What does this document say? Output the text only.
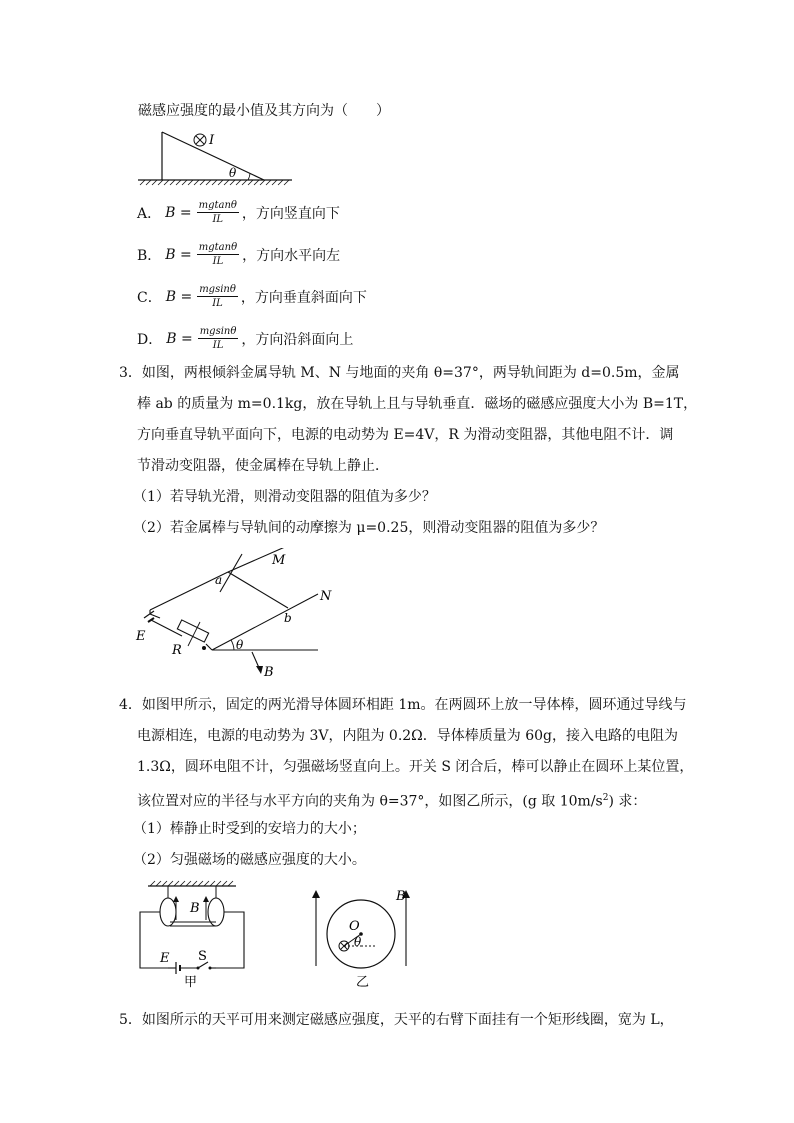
磁感应强度的最小值及其方向为（　　）
I
θ
A． $B = \frac{mgtan\theta}{IL}$ ，方向竖直向下
B． $B = \frac{mgtan\theta}{IL}$ ，方向水平向左
C． $B = \frac{mgsin\theta}{IL}$ ，方向垂直斜面向下
D． $B = \frac{mgsin\theta}{IL}$ ，方向沿斜面向上
3．如图，两根倾斜金属导轨 M、N 与地面的夹角 θ=37°，两导轨间距为 d=0.5m，金属
棒 ab 的质量为 m=0.1kg，放在导轨上且与导轨垂直．磁场的磁感应强度大小为 B=1T，
方向垂直导轨平面向下，电源的电动势为 E=4V，R 为滑动变阻器，其他电阻不计．调
节滑动变阻器，使金属棒在导轨上静止．
（1）若导轨光滑，则滑动变阻器的阻值为多少？
（2）若金属棒与导轨间的动摩擦为 μ=0.25，则滑动变阻器的阻值为多少？
M
N
a
b
E
R	θ
B
4．如图甲所示，固定的两光滑导体圆环相距 1m。在两圆环上放一导体棒，圆环通过导线与
电源相连，电源的电动势为 3V，内阻为 0.2Ω．导体棒质量为 60g，接入电路的电阻为
1.3Ω，圆环电阻不计，匀强磁场竖直向上。开关 S 闭合后，棒可以静止在圆环上某位置，
该位置对应的半径与水平方向的夹角为 θ=37°，如图乙所示，(g 取 $10m/s^2$) 求：
（1）棒静止时受到的安培力的大小；
（2）匀强磁场的磁感应强度的大小。
B
E S
甲
O
θ
B
乙
5．如图所示的天平可用来测定磁感应强度，天平的右臂下面挂有一个矩形线圈，宽为 L，
